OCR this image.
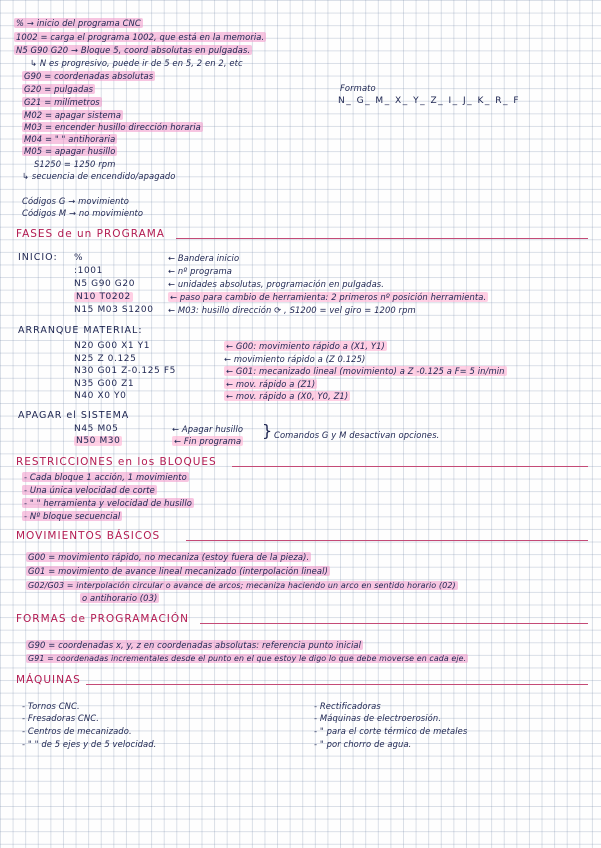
% → inicio del programa CNC
1002 = carga el programa 1002, que está en la memoria.
N5 G90 G20 → Bloque 5, coord absolutas en pulgadas.
↳ N es progresivo, puede ir de 5 en 5, 2 en 2, etc
G90 = coordenadas absolutas
G20 = pulgadas
G21 = milímetros
M02 = apagar sistema
M03 = encender husillo dirección horaria
M04 = " " antihoraria
M05 = apagar husillo
S1250 = 1250 rpm
↳ secuencia de encendido/apagado
Códigos G → movimiento
Códigos M → no movimiento
Formato
N_ G_ M_ X_ Y_ Z_ I_ J_ K_ R_ F
FASES de un PROGRAMA
INICIO: %	← Bandera inicio
:1001	← nº programa
N5 G90 G20	← unidades absolutas, programación en pulgadas.
N10 T0202	← paso para cambio de herramienta: 2 primeros nº posición herramienta.
N15 M03 S1200 ← M03: husillo dirección ⟳ , S1200 = vel giro = 1200 rpm
ARRANQUE MATERIAL:
N20 G00 X1 Y1	← G00: movimiento rápido a (X1, Y1)
N25 Z 0.125	← movimiento rápido a (Z 0.125)
N30 G01 Z-0.125 F5	← G01: mecanizado lineal (movimiento) a Z -0.125 a F= 5 in/min
N35 G00 Z1	← mov. rápido a (Z1)
N40 X0 Y0	← mov. rápido a (X0, Y0, Z1)
APAGAR el SISTEMA
N45 M05	← Apagar husillo
N50 M30	← Fin programa
} Comandos G y M desactivan opciones.
RESTRICCIONES en los BLOQUES
- Cada bloque 1 acción, 1 movimiento
- Una única velocidad de corte
- " " herramienta y velocidad de husillo
- Nº bloque secuencial
MOVIMIENTOS BÁSICOS
G00 = movimiento rápido, no mecaniza (estoy fuera de la pieza).
G01 = movimiento de avance lineal mecanizado (interpolación lineal)
G02/G03 = interpolación circular o avance de arcos; mecaniza haciendo un arco en sentido horario (02)
o antihorario (03)
FORMAS de PROGRAMACIÓN
G90 = coordenadas x, y, z en coordenadas absolutas: referencia punto inicial
G91 = coordenadas incrementales desde el punto en el que estoy le digo lo que debe moverse en cada eje.
MÁQUINAS
- Tornos CNC.
- Fresadoras CNC.
- Centros de mecanizado.
- " " de 5 ejes y de 5 velocidad.
- Rectificadoras
- Máquinas de electroerosión.
- " para el corte térmico de metales
- " por chorro de agua.
